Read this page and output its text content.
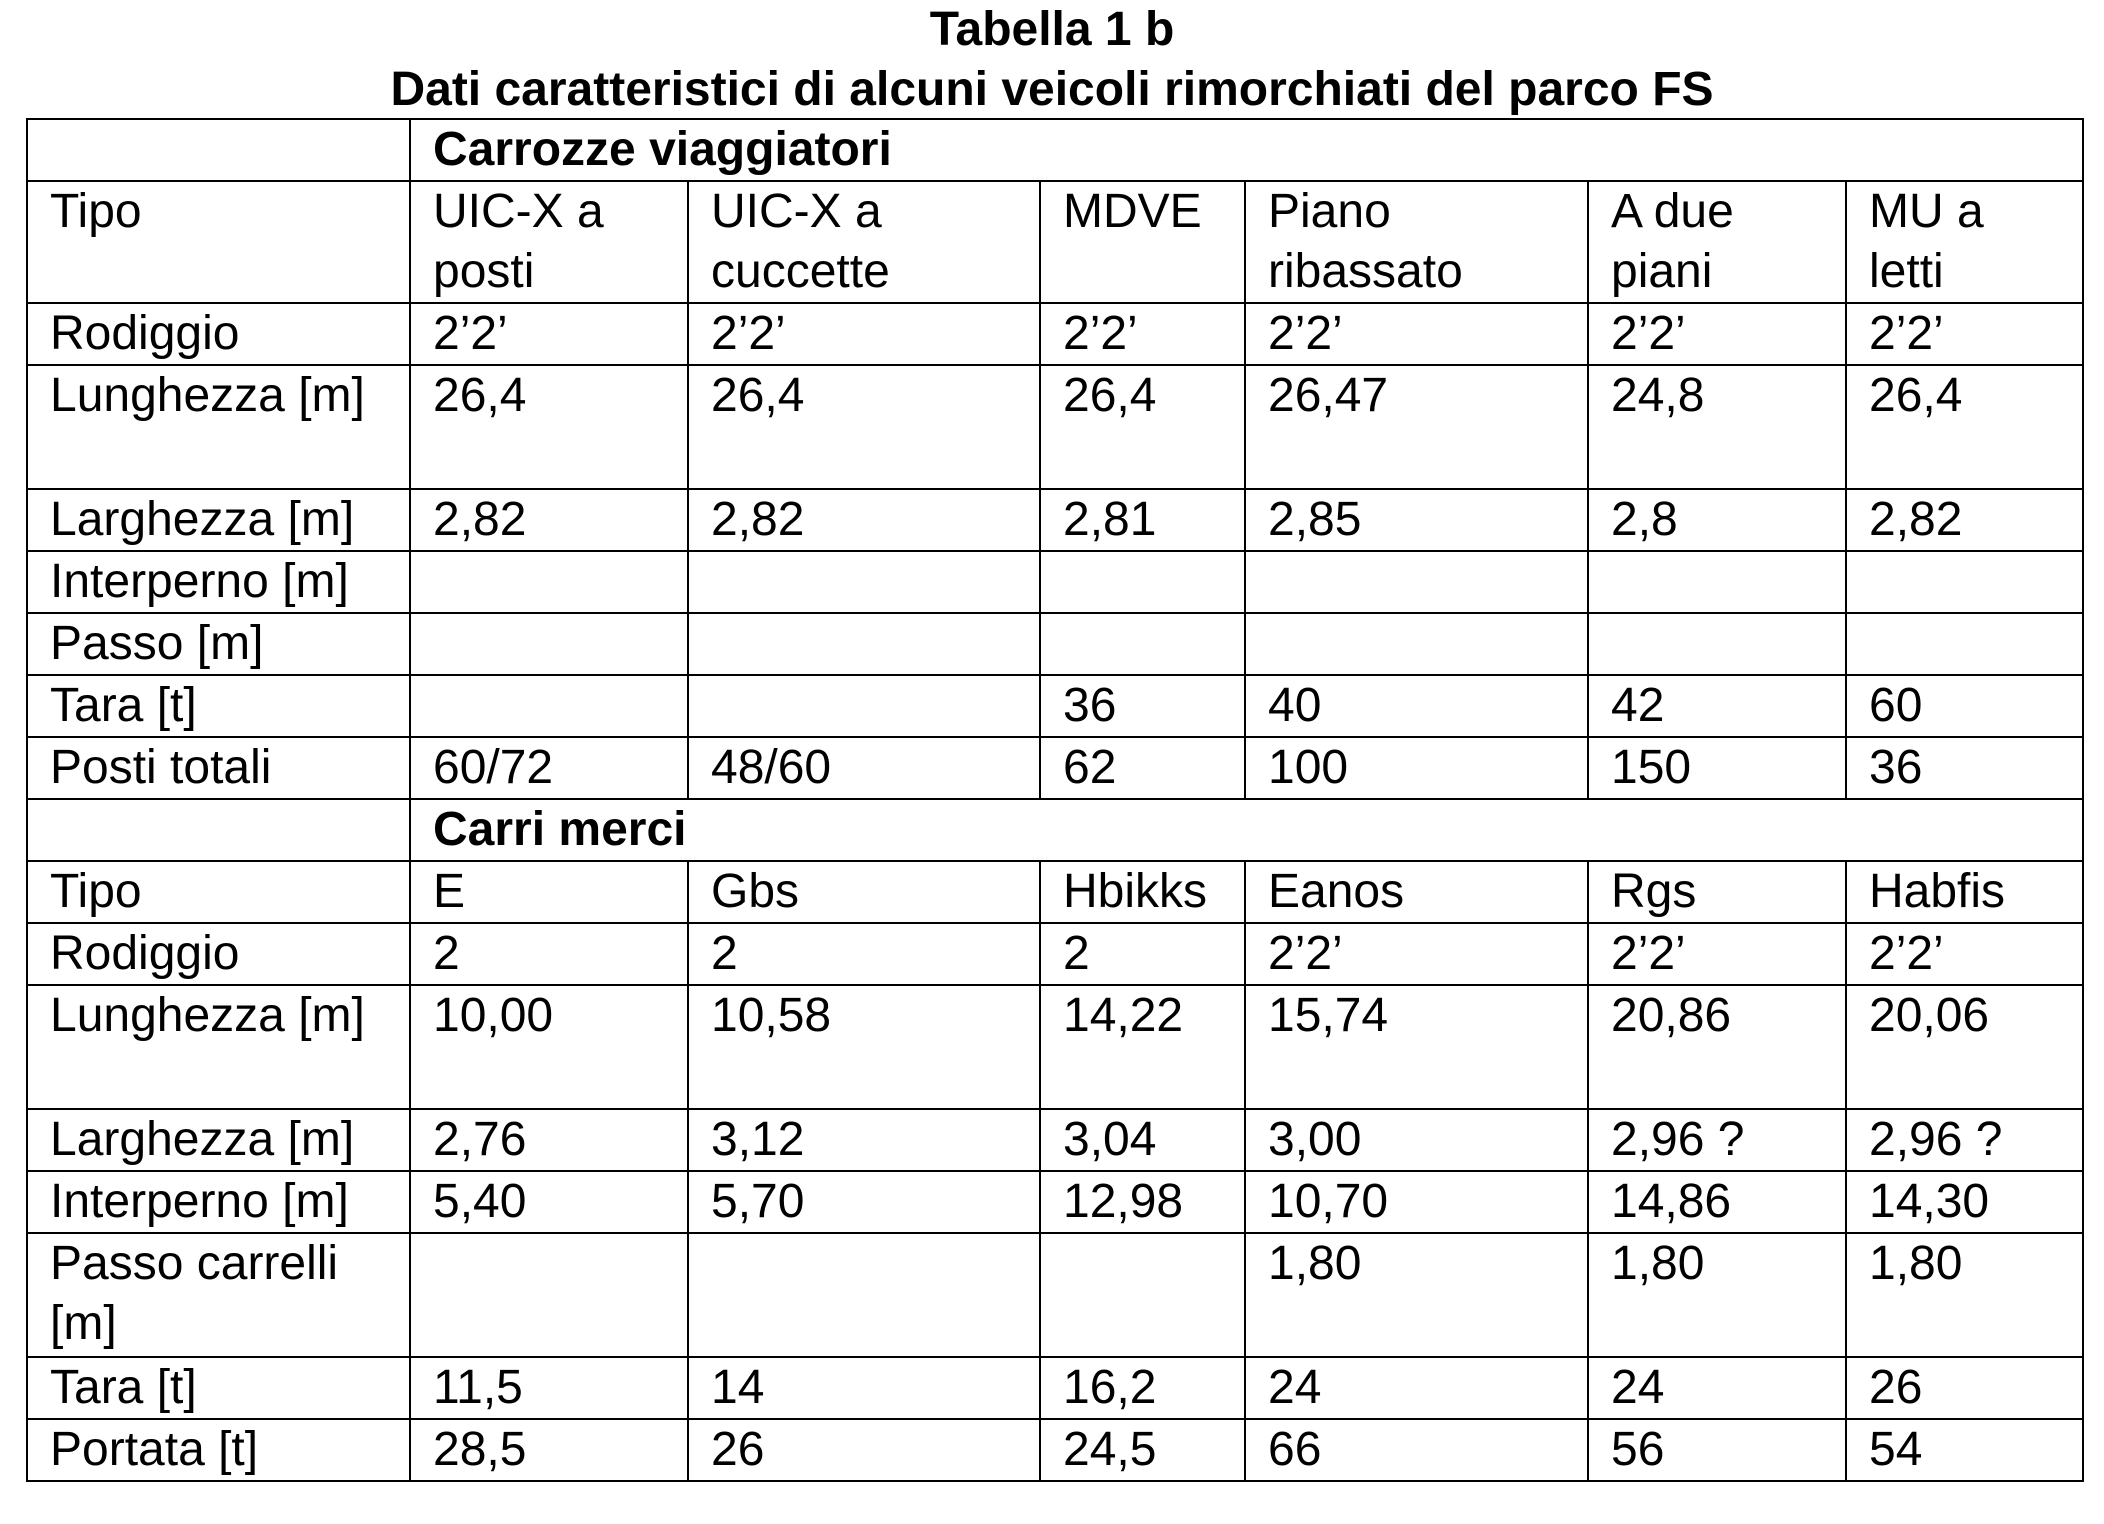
Tabella 1 b
Dati caratteristici di alcuni veicoli rimorchiati del parco FS
	Carrozze viaggiatori					
Tipo	UIC-X a posti	UIC-X a cuccette	MDVE	Piano ribassato	A due piani	MU a letti
Rodiggio	2’2’	2’2’	2’2’	2’2’	2’2’	2’2’
Lunghezza [m]	26,4	26,4	26,4	26,47	24,8	26,4
Larghezza [m]	2,82	2,82	2,81	2,85	2,8	2,82
Interperno [m]						
Passo [m]						
Tara [t]			36	40	42	60
Posti totali	60/72	48/60	62	100	150	36
	Carri merci					
Tipo	E	Gbs	Hbikks	Eanos	Rgs	Habfis
Rodiggio	2	2	2	2’2’	2’2’	2’2’
Lunghezza [m]	10,00	10,58	14,22	15,74	20,86	20,06
Larghezza [m]	2,76	3,12	3,04	3,00	2,96 ?	2,96 ?
Interperno [m]	5,40	5,70	12,98	10,70	14,86	14,30
Passo carrelli [m]				1,80	1,80	1,80
Tara [t]	11,5	14	16,2	24	24	26
Portata [t]	28,5	26	24,5	66	56	54
